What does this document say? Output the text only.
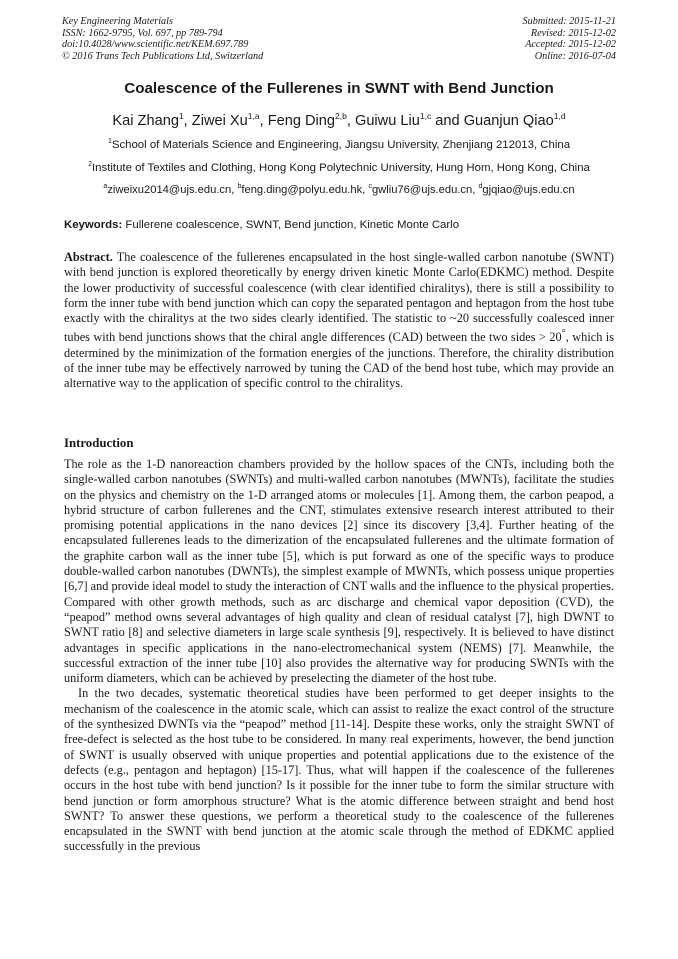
Key Engineering Materials
ISSN: 1662-9795, Vol. 697, pp 789-794
doi:10.4028/www.scientific.net/KEM.697.789
© 2016 Trans Tech Publications Ltd, Switzerland
Submitted: 2015-11-21
Revised: 2015-12-02
Accepted: 2015-12-02
Online: 2016-07-04
Coalescence of the Fullerenes in SWNT with Bend Junction
Kai Zhang$^1$, Ziwei Xu$^{1,a}$, Feng Ding$^{2,b}$, Guiwu Liu$^{1,c}$ and Guanjun Qiao$^{1,d}$
$^1$School of Materials Science and Engineering, Jiangsu University, Zhenjiang 212013, China
$^2$Institute of Textiles and Clothing, Hong Kong Polytechnic University, Hung Hom, Hong Kong, China
$^a$ziweixu2014@ujs.edu.cn, $^b$feng.ding@polyu.edu.hk, $^c$gwliu76@ujs.edu.cn, $^d$gjqiao@ujs.edu.cn
Keywords: Fullerene coalescence, SWNT, Bend junction, Kinetic Monte Carlo
Abstract. The coalescence of the fullerenes encapsulated in the host single-walled carbon nanotube (SWNT) with bend junction is explored theoretically by energy driven kinetic Monte Carlo(EDKMC) method. Despite the lower productivity of successful coalescence (with clear identified chiralitys), there is still a possibility to form the inner tube with bend junction which can copy the separated pentagon and heptagon from the host tube exactly with the chiralitys at the two sides clearly identified. The statistic to ~20 successfully coalesced inner tubes with bend junctions shows that the chiral angle differences (CAD) between the two sides > 20°, which is determined by the minimization of the formation energies of the junctions. Therefore, the chirality distribution of the inner tube may be effectively narrowed by tuning the CAD of the bend host tube, which may provide an alternative way to the application of specific control to the chiralitys.
Introduction

The role as the 1-D nanoreaction chambers provided by the hollow spaces of the CNTs, including both the single-walled carbon nanotubes (SWNTs) and multi-walled carbon nanotubes (MWNTs), facilitate the studies on the physics and chemistry on the 1-D arranged atoms or molecules [1]. Among them, the carbon peapod, a hybrid structure of carbon fullerenes and the CNT, stimulates extensive research interest attributed to their promising potential applications in the nano devices [2] since its discovery [3,4]. Further heating of the encapsulated fullerenes leads to the dimerization of the encapsulated fullerenes and the ultimate formation of the graphite carbon wall as the inner tube [5], which is put forward as one of the specific ways to produce double-walled carbon nanotubes (DWNTs), the simplest example of MWNTs, which possess unique properties [6,7] and provide ideal model to study the interaction of CNT walls and the influence to the physical properties. Compared with other growth methods, such as arc discharge and chemical vapor deposition (CVD), the “peapod” method owns several advantages of high quality and clean of residual catalyst [7], high DWNT to SWNT ratio [8] and selective diameters in large scale synthesis [9], respectively. It is believed to have distinct advantages in specific applications in the nano-electromechanical system (NEMS) [7]. Meanwhile, the successful extraction of the inner tube [10] also provides the alternative way for producing SWNTs with the uniform diameters, which can be achieved by preselecting the diameter of the host tube.

In the two decades, systematic theoretical studies have been performed to get deeper insights to the mechanism of the coalescence in the atomic scale, which can assist to realize the exact control of the structure of the synthesized DWNTs via the “peapod” method [11-14]. Despite these works, only the straight SWNT of free-defect is selected as the host tube to be considered. In many real experiments, however, the bend junction of SWNT is usually observed with unique properties and potential applications due to the existence of the defects (e.g., pentagon and heptagon) [15-17]. Thus, what will happen if the coalescence of the fullerenes occurs in the host tube with bend junction? Is it possible for the inner tube to form the similar structure with bend junction or form amorphous structure? What is the atomic difference between straight and bend host SWNT? To answer these questions, we perform a theoretical study to the coalescence of the fullerenes encapsulated in the SWNT with bend junction at the atomic scale through the method of EDKMC applied successfully in the previous
